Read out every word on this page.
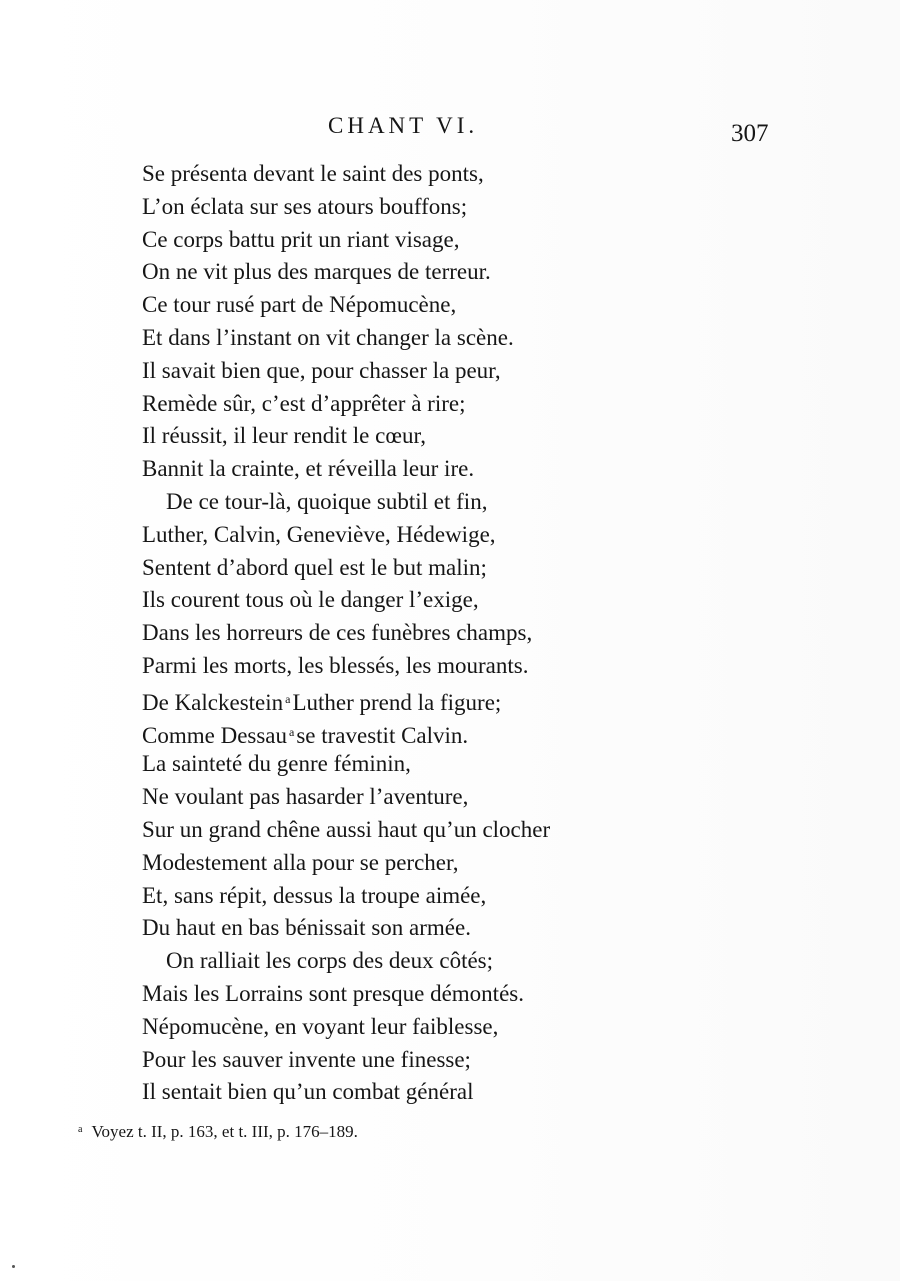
CHANT VI.	307
Se présenta devant le saint des ponts,
L’on éclata sur ses atours bouffons;
Ce corps battu prit un riant visage,
On ne vit plus des marques de terreur.
Ce tour rusé part de Népomucène,
Et dans l’instant on vit changer la scène.
Il savait bien que, pour chasser la peur,
Remède sûr, c’est d’apprêter à rire;
Il réussit, il leur rendit le cœur,
Bannit la crainte, et réveilla leur ire.
De ce tour-là, quoique subtil et fin,
Luther, Calvin, Geneviève, Hédewige,
Sentent d’abord quel est le but malin;
Ils courent tous où le danger l’exige,
Dans les horreurs de ces funèbres champs,
Parmi les morts, les blessés, les mourants.
De Kalckestein $^a$Luther prend la figure;
Comme Dessau $^a$se travestit Calvin.
La sainteté du genre féminin,
Ne voulant pas hasarder l’aventure,
Sur un grand chêne aussi haut qu’un clocher
Modestement alla pour se percher,
Et, sans répit, dessus la troupe aimée,
Du haut en bas bénissait son armée.
On ralliait les corps des deux côtés;
Mais les Lorrains sont presque démontés.
Népomucène, en voyant leur faiblesse,
Pour les sauver invente une finesse;
Il sentait bien qu’un combat général
$^a$ Voyez t. II, p. 163, et t. III, p. 176–189.
